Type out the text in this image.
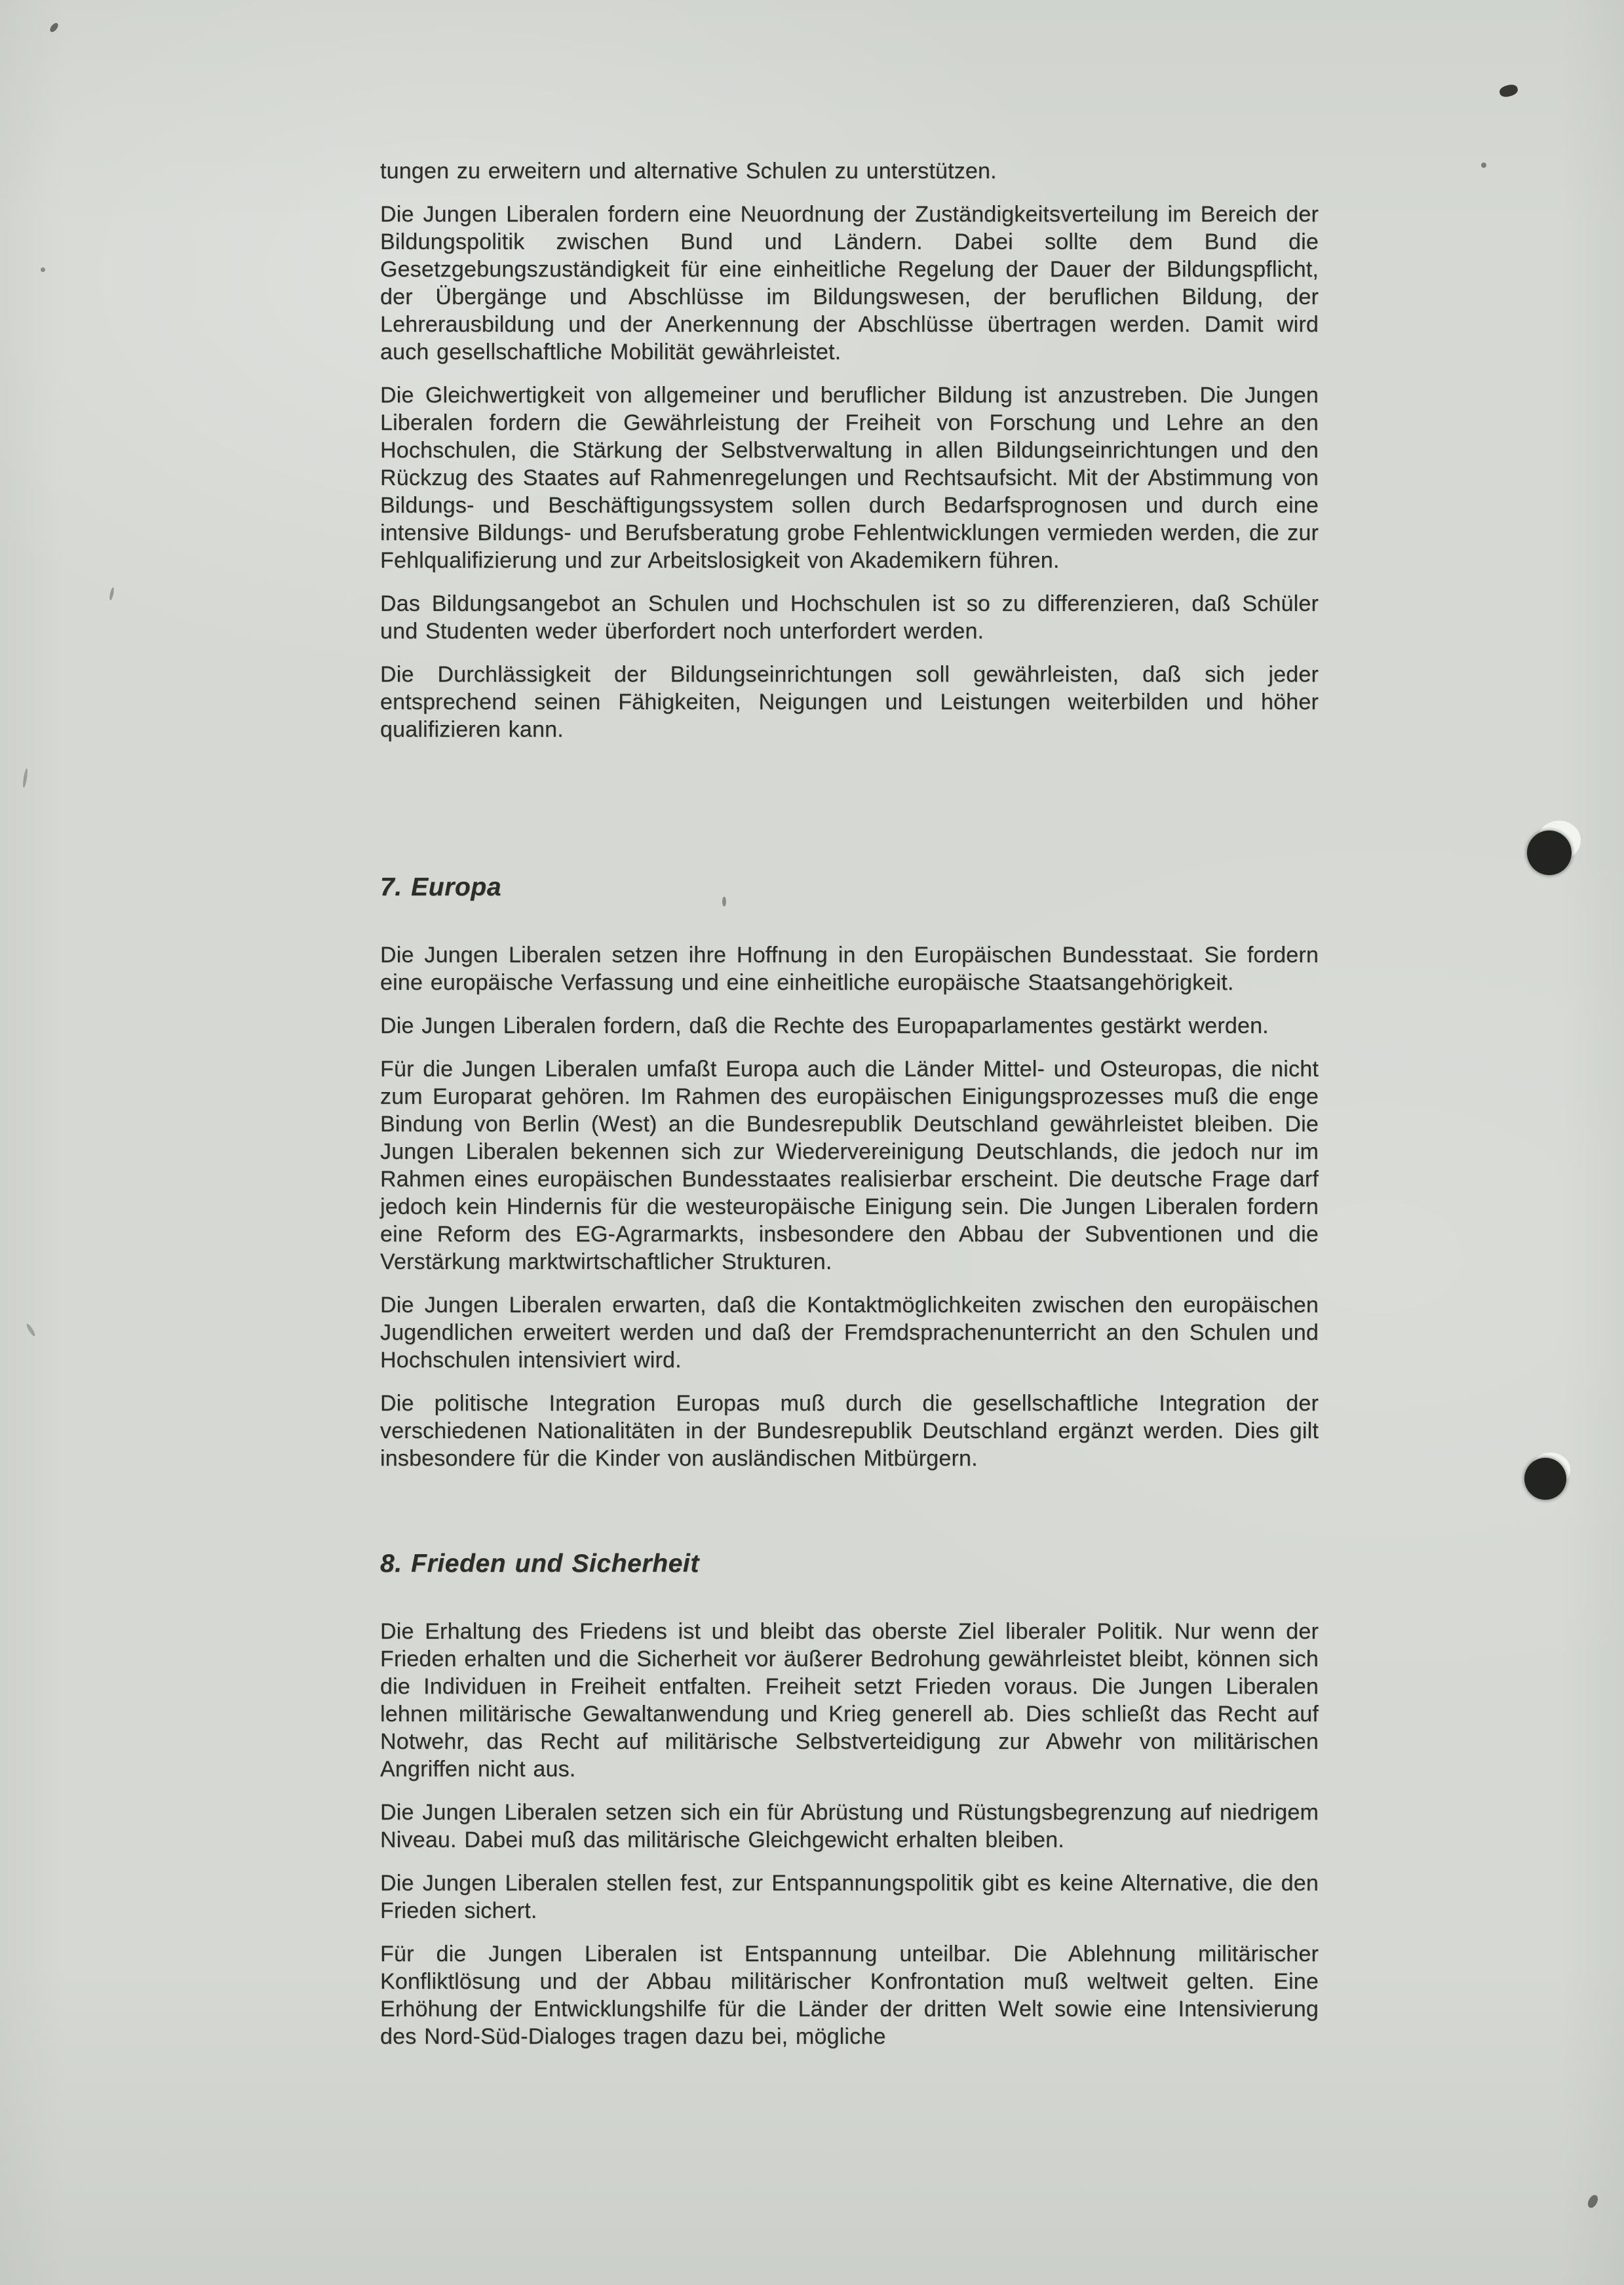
tungen zu erweitern und alternative Schulen zu unterstützen.

Die Jungen Liberalen fordern eine Neuordnung der Zuständigkeitsverteilung im Bereich der Bildungspolitik zwischen Bund und Ländern. Dabei sollte dem Bund die Gesetzgebungszuständigkeit für eine einheitliche Regelung der Dauer der Bildungspflicht, der Übergänge und Abschlüsse im Bildungswesen, der beruflichen Bildung, der Lehrerausbildung und der Anerkennung der Abschlüsse übertragen werden. Damit wird auch gesellschaftliche Mobilität gewährleistet.

Die Gleichwertigkeit von allgemeiner und beruflicher Bildung ist anzustreben. Die Jungen Liberalen fordern die Gewährleistung der Freiheit von Forschung und Lehre an den Hochschulen, die Stärkung der Selbstverwaltung in allen Bildungseinrichtungen und den Rückzug des Staates auf Rahmenregelungen und Rechtsaufsicht. Mit der Abstimmung von Bildungs- und Beschäftigungssystem sollen durch Bedarfsprognosen und durch eine intensive Bildungs- und Berufsberatung grobe Fehlentwicklungen vermieden werden, die zur Fehlqualifizierung und zur Arbeitslosigkeit von Akademikern führen.

Das Bildungsangebot an Schulen und Hochschulen ist so zu differenzieren, daß Schüler und Studenten weder überfordert noch unterfordert werden.

Die Durchlässigkeit der Bildungseinrichtungen soll gewährleisten, daß sich jeder entsprechend seinen Fähigkeiten, Neigungen und Leistungen weiterbilden und höher qualifizieren kann.

7. Europa

Die Jungen Liberalen setzen ihre Hoffnung in den Europäischen Bundesstaat. Sie fordern eine europäische Verfassung und eine einheitliche europäische Staatsangehörigkeit.

Die Jungen Liberalen fordern, daß die Rechte des Europaparlamentes gestärkt werden.

Für die Jungen Liberalen umfaßt Europa auch die Länder Mittel- und Osteuropas, die nicht zum Europarat gehören. Im Rahmen des europäischen Einigungsprozesses muß die enge Bindung von Berlin (West) an die Bundesrepublik Deutschland gewährleistet bleiben. Die Jungen Liberalen bekennen sich zur Wiedervereinigung Deutschlands, die jedoch nur im Rahmen eines europäischen Bundesstaates realisierbar erscheint. Die deutsche Frage darf jedoch kein Hindernis für die westeuropäische Einigung sein. Die Jungen Liberalen fordern eine Reform des EG-Agrarmarkts, insbesondere den Abbau der Subventionen und die Verstärkung marktwirtschaftlicher Strukturen.

Die Jungen Liberalen erwarten, daß die Kontaktmöglichkeiten zwischen den europäischen Jugendlichen erweitert werden und daß der Fremdsprachenunterricht an den Schulen und Hochschulen intensiviert wird.

Die politische Integration Europas muß durch die gesellschaftliche Integration der verschiedenen Nationalitäten in der Bundesrepublik Deutschland ergänzt werden. Dies gilt insbesondere für die Kinder von ausländischen Mitbürgern.

8. Frieden und Sicherheit

Die Erhaltung des Friedens ist und bleibt das oberste Ziel liberaler Politik. Nur wenn der Frieden erhalten und die Sicherheit vor äußerer Bedrohung gewährleistet bleibt, können sich die Individuen in Freiheit entfalten. Freiheit setzt Frieden voraus. Die Jungen Liberalen lehnen militärische Gewaltanwendung und Krieg generell ab. Dies schließt das Recht auf Notwehr, das Recht auf militärische Selbstverteidigung zur Abwehr von militärischen Angriffen nicht aus.

Die Jungen Liberalen setzen sich ein für Abrüstung und Rüstungsbegrenzung auf niedrigem Niveau. Dabei muß das militärische Gleichgewicht erhalten bleiben.

Die Jungen Liberalen stellen fest, zur Entspannungspolitik gibt es keine Alternative, die den Frieden sichert.

Für die Jungen Liberalen ist Entspannung unteilbar. Die Ablehnung militärischer Konfliktlösung und der Abbau militärischer Konfrontation muß weltweit gelten. Eine Erhöhung der Entwicklungshilfe für die Länder der dritten Welt sowie eine Intensivierung des Nord-Süd-Dialoges tragen dazu bei, mögliche
